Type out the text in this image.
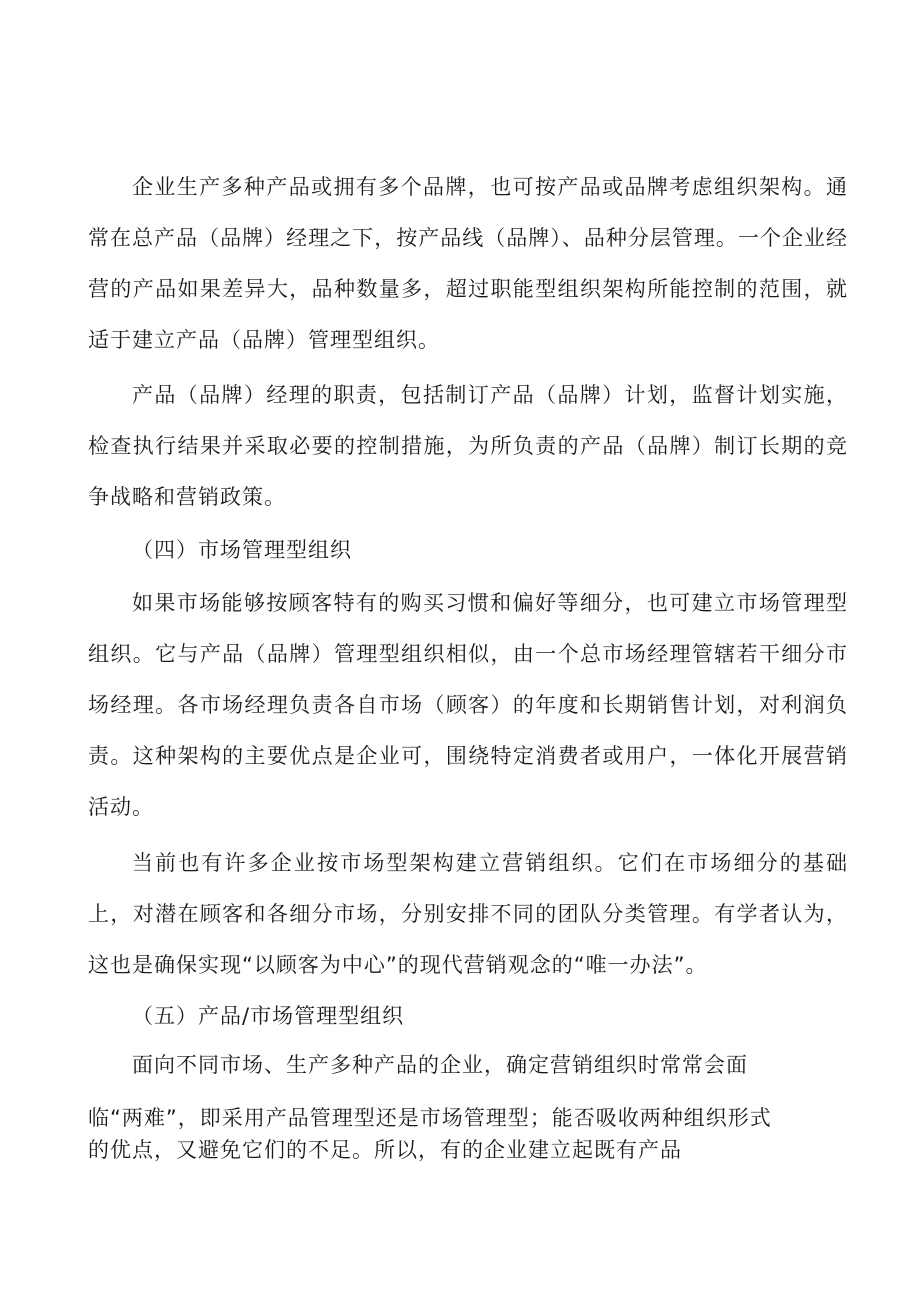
企业生产多种产品或拥有多个品牌，也可按产品或品牌考虑组织架构。通常在总产品（品牌）经理之下，按产品线（品牌）、品种分层管理。一个企业经营的产品如果差异大，品种数量多，超过职能型组织架构所能控制的范围，就适于建立产品（品牌）管理型组织。

产品（品牌）经理的职责，包括制订产品（品牌）计划，监督计划实施，检查执行结果并采取必要的控制措施，为所负责的产品（品牌）制订长期的竞争战略和营销政策。

（四）市场管理型组织

如果市场能够按顾客特有的购买习惯和偏好等细分，也可建立市场管理型组织。它与产品（品牌）管理型组织相似，由一个总市场经理管辖若干细分市场经理。各市场经理负责各自市场（顾客）的年度和长期销售计划，对利润负责。这种架构的主要优点是企业可，围绕特定消费者或用户，一体化开展营销活动。

当前也有许多企业按市场型架构建立营销组织。它们在市场细分的基础上，对潜在顾客和各细分市场，分别安排不同的团队分类管理。有学者认为，这也是确保实现“以顾客为中心”的现代营销观念的“唯一办法”。

（五）产品/市场管理型组织

面向不同市场、生产多种产品的企业，确定营销组织时常常会面

临“两难”，即采用产品管理型还是市场管理型；能否吸收两种组织形式

的优点，又避免它们的不足。所以，有的企业建立起既有产品
